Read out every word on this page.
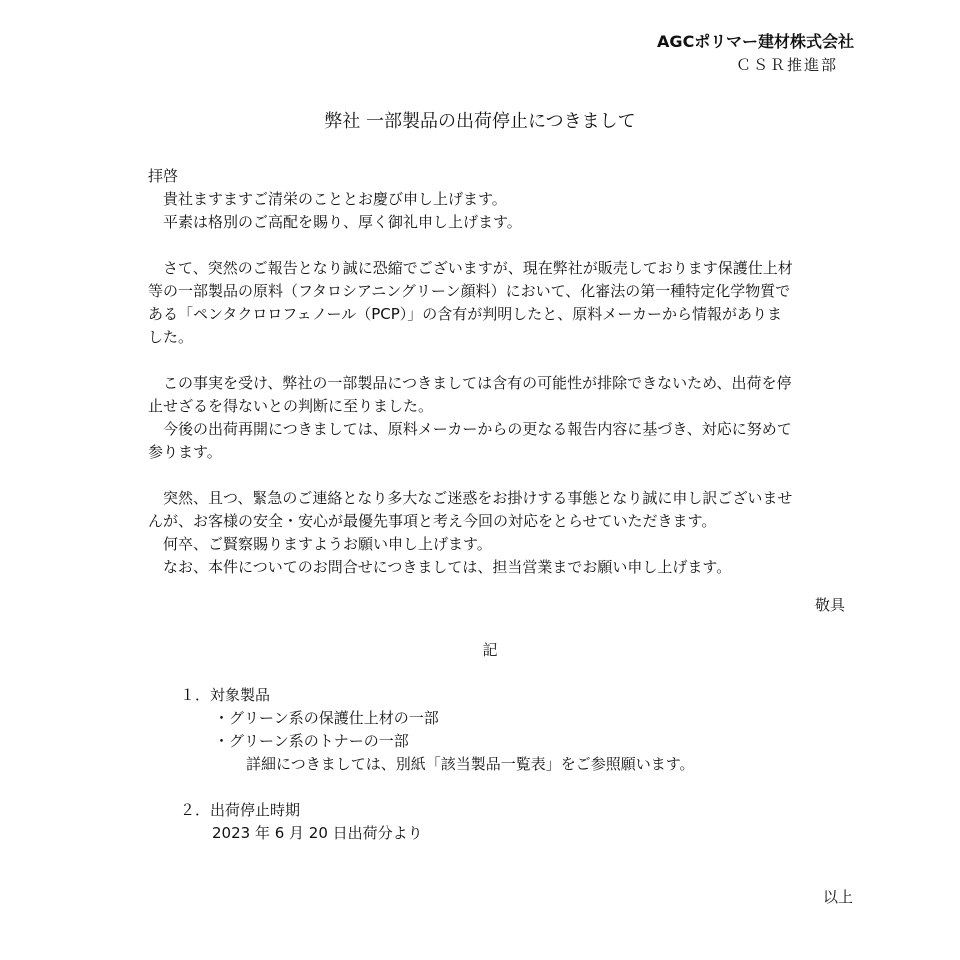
AGCポリマー建材株式会社
ＣＳＲ推進部
弊社 一部製品の出荷停止につきまして
拝啓
　貴社ますますご清栄のこととお慶び申し上げます。
　平素は格別のご高配を賜り、厚く御礼申し上げます。
　さて、突然のご報告となり誠に恐縮でございますが、現在弊社が販売しております保護仕上材
等の一部製品の原料（フタロシアニングリーン顔料）において、化審法の第一種特定化学物質で
ある「ペンタクロロフェノール（PCP）」の含有が判明したと、原料メーカーから情報がありま
した。
　この事実を受け、弊社の一部製品につきましては含有の可能性が排除できないため、出荷を停
止せざるを得ないとの判断に至りました。
　今後の出荷再開につきましては、原料メーカーからの更なる報告内容に基づき、対応に努めて
参ります。
　突然、且つ、緊急のご連絡となり多大なご迷惑をお掛けする事態となり誠に申し訳ございませ
んが、お客様の安全・安心が最優先事項と考え今回の対応をとらせていただきます。
　何卒、ご賢察賜りますようお願い申し上げます。
　なお、本件についてのお問合せにつきましては、担当営業までお願い申し上げます。
敬具
記
１．対象製品
・グリーン系の保護仕上材の一部
・グリーン系のトナーの一部
詳細につきましては、別紙「該当製品一覧表」をご参照願います。
２．出荷停止時期
2023 年 6 月 20 日出荷分より
以上
